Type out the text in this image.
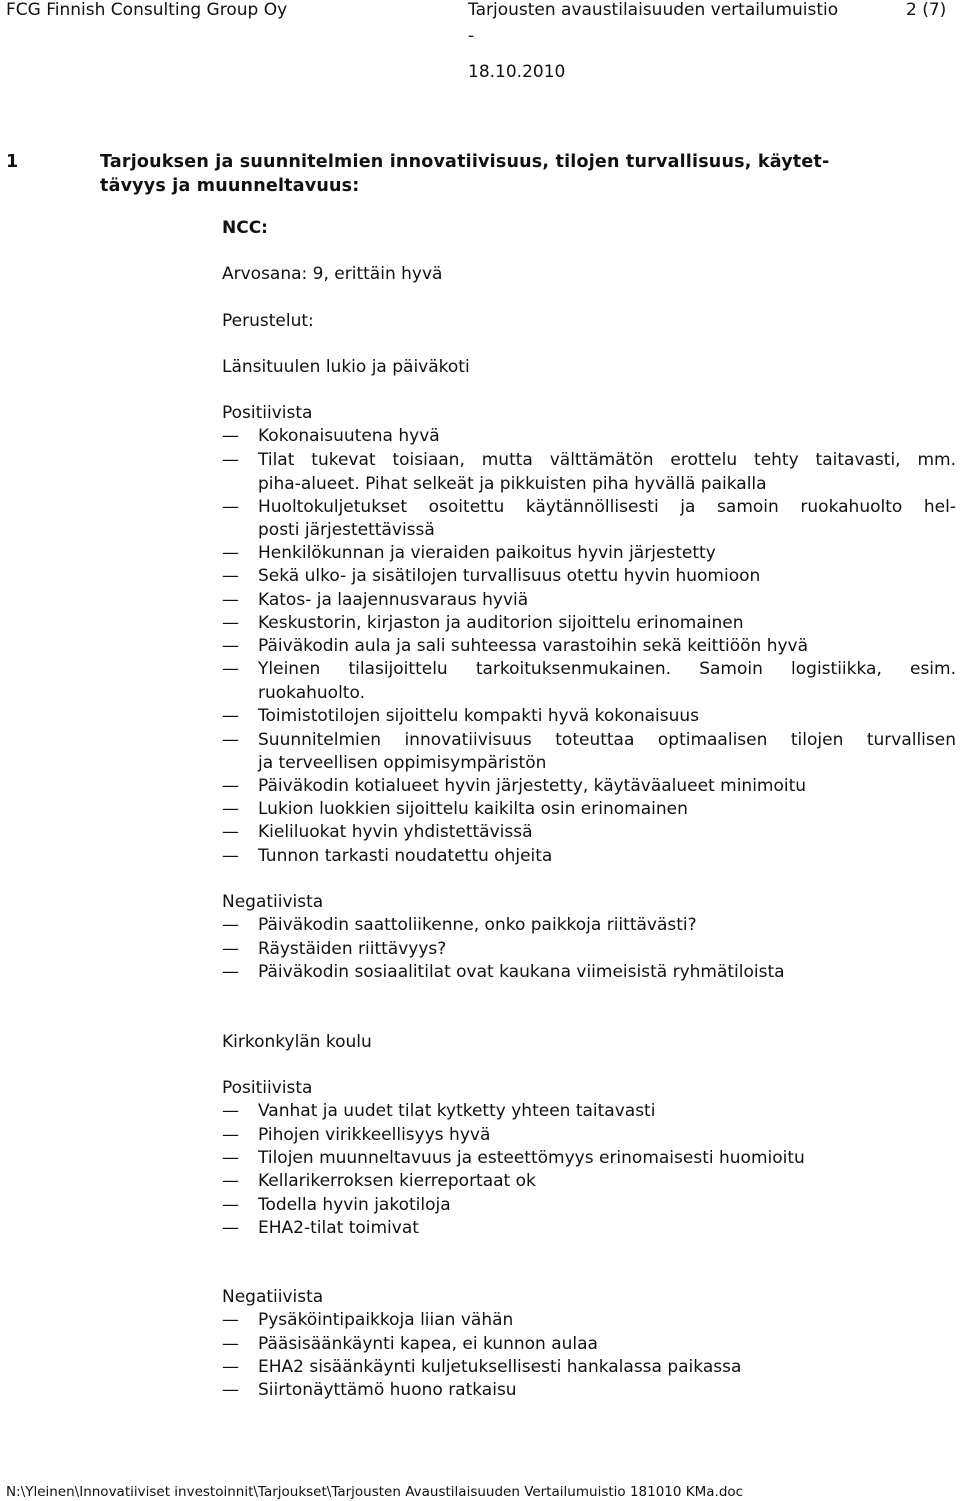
FCG Finnish Consulting Group Oy	Tarjousten avaustilaisuuden vertailumuistio	2 (7)
-
18.10.2010
1	Tarjouksen ja suunnitelmien innovatiivisuus, tilojen turvallisuus, käytet-
tävyys ja muunneltavuus:
NCC:
Arvosana: 9, erittäin hyvä
Perustelut:
Länsituulen lukio ja päiväkoti
Positiivista
— Kokonaisuutena hyvä
— Tilat tukevat toisiaan, mutta välttämätön erottelu tehty taitavasti, mm.
piha-alueet. Pihat selkeät ja pikkuisten piha hyvällä paikalla
— Huoltokuljetukset osoitettu käytännöllisesti ja samoin ruokahuolto hel-
posti järjestettävissä
— Henkilökunnan ja vieraiden paikoitus hyvin järjestetty
— Sekä ulko- ja sisätilojen turvallisuus otettu hyvin huomioon
— Katos- ja laajennusvaraus hyviä
— Keskustorin, kirjaston ja auditorion sijoittelu erinomainen
— Päiväkodin aula ja sali suhteessa varastoihin sekä keittiöön hyvä
— Yleinen tilasijoittelu tarkoituksenmukainen. Samoin logistiikka, esim.
ruokahuolto.
— Toimistotilojen sijoittelu kompakti hyvä kokonaisuus
— Suunnitelmien innovatiivisuus toteuttaa optimaalisen tilojen turvallisen
ja terveellisen oppimisympäristön
— Päiväkodin kotialueet hyvin järjestetty, käytäväalueet minimoitu
— Lukion luokkien sijoittelu kaikilta osin erinomainen
— Kieliluokat hyvin yhdistettävissä
— Tunnon tarkasti noudatettu ohjeita
Negatiivista
— Päiväkodin saattoliikenne, onko paikkoja riittävästi?
— Räystäiden riittävyys?
— Päiväkodin sosiaalitilat ovat kaukana viimeisistä ryhmätiloista
Kirkonkylän koulu
Positiivista
— Vanhat ja uudet tilat kytketty yhteen taitavasti
— Pihojen virikkeellisyys hyvä
— Tilojen muunneltavuus ja esteettömyys erinomaisesti huomioitu
— Kellarikerroksen kierreportaat ok
— Todella hyvin jakotiloja
— EHA2-tilat toimivat
Negatiivista
— Pysäköintipaikkoja liian vähän
— Pääsisäänkäynti kapea, ei kunnon aulaa
— EHA2 sisäänkäynti kuljetuksellisesti hankalassa paikassa
— Siirtonäyttämö huono ratkaisu
N:\Yleinen\Innovatiiviset investoinnit\Tarjoukset\Tarjousten Avaustilaisuuden Vertailumuistio 181010 KMa.doc
